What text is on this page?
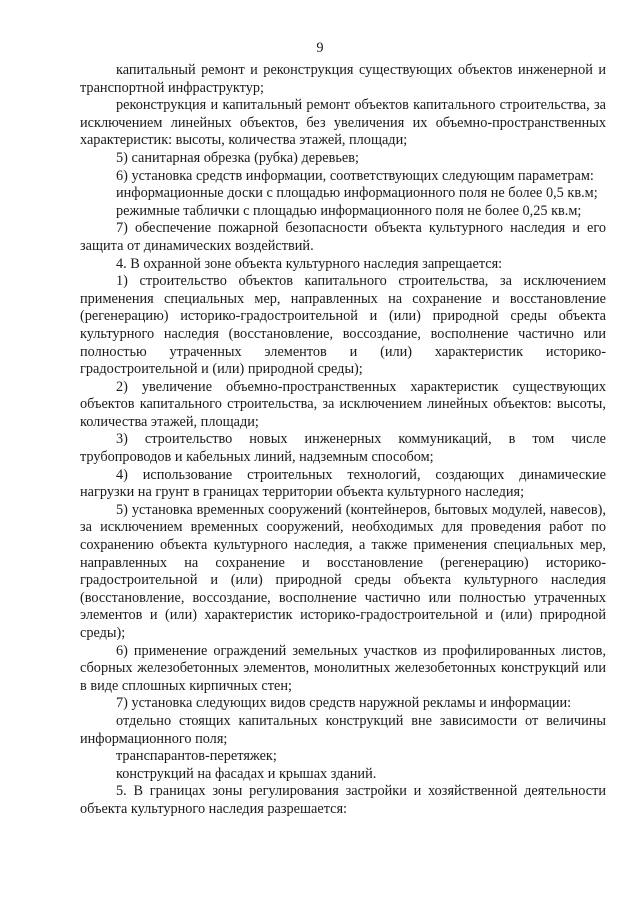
9

капитальный ремонт и реконструкция существующих объектов инженерной и транспортной инфраструктур;

реконструкция и капитальный ремонт объектов капитального строительства, за исключением линейных объектов, без увеличения их объемно-пространственных характеристик: высоты, количества этажей, площади;

5) санитарная обрезка (рубка) деревьев;

6) установка средств информации, соответствующих следующим параметрам:

информационные доски с площадью информационного поля не более 0,5 кв.м;

режимные таблички с площадью информационного поля не более 0,25 кв.м;

7) обеспечение пожарной безопасности объекта культурного наследия и его защита от динамических воздействий.

4. В охранной зоне объекта культурного наследия запрещается:

1) строительство объектов капитального строительства, за исключением применения специальных мер, направленных на сохранение и восстановление (регенерацию) историко-градостроительной и (или) природной среды объекта культурного наследия (восстановление, воссоздание, восполнение частично или полностью утраченных элементов и (или) характеристик историко-градостроительной и (или) природной среды);

2) увеличение объемно-пространственных характеристик существующих объектов капитального строительства, за исключением линейных объектов: высоты, количества этажей, площади;

3) строительство новых инженерных коммуникаций, в том числе трубопроводов и кабельных линий, надземным способом;

4) использование строительных технологий, создающих динамические нагрузки на грунт в границах территории объекта культурного наследия;

5) установка временных сооружений (контейнеров, бытовых модулей, навесов), за исключением временных сооружений, необходимых для проведения работ по сохранению объекта культурного наследия, а также применения специальных мер, направленных на сохранение и восстановление (регенерацию) историко-градостроительной и (или) природной среды объекта культурного наследия (восстановление, воссоздание, восполнение частично или полностью утраченных элементов и (или) характеристик историко-градостроительной и (или) природной среды);

6) применение ограждений земельных участков из профилированных листов, сборных железобетонных элементов, монолитных железобетонных конструкций или в виде сплошных кирпичных стен;

7) установка следующих видов средств наружной рекламы и информации:

отдельно стоящих капитальных конструкций вне зависимости от величины информационного поля;

транспарантов-перетяжек;

конструкций на фасадах и крышах зданий.

5. В границах зоны регулирования застройки и хозяйственной деятельности объекта культурного наследия разрешается:
